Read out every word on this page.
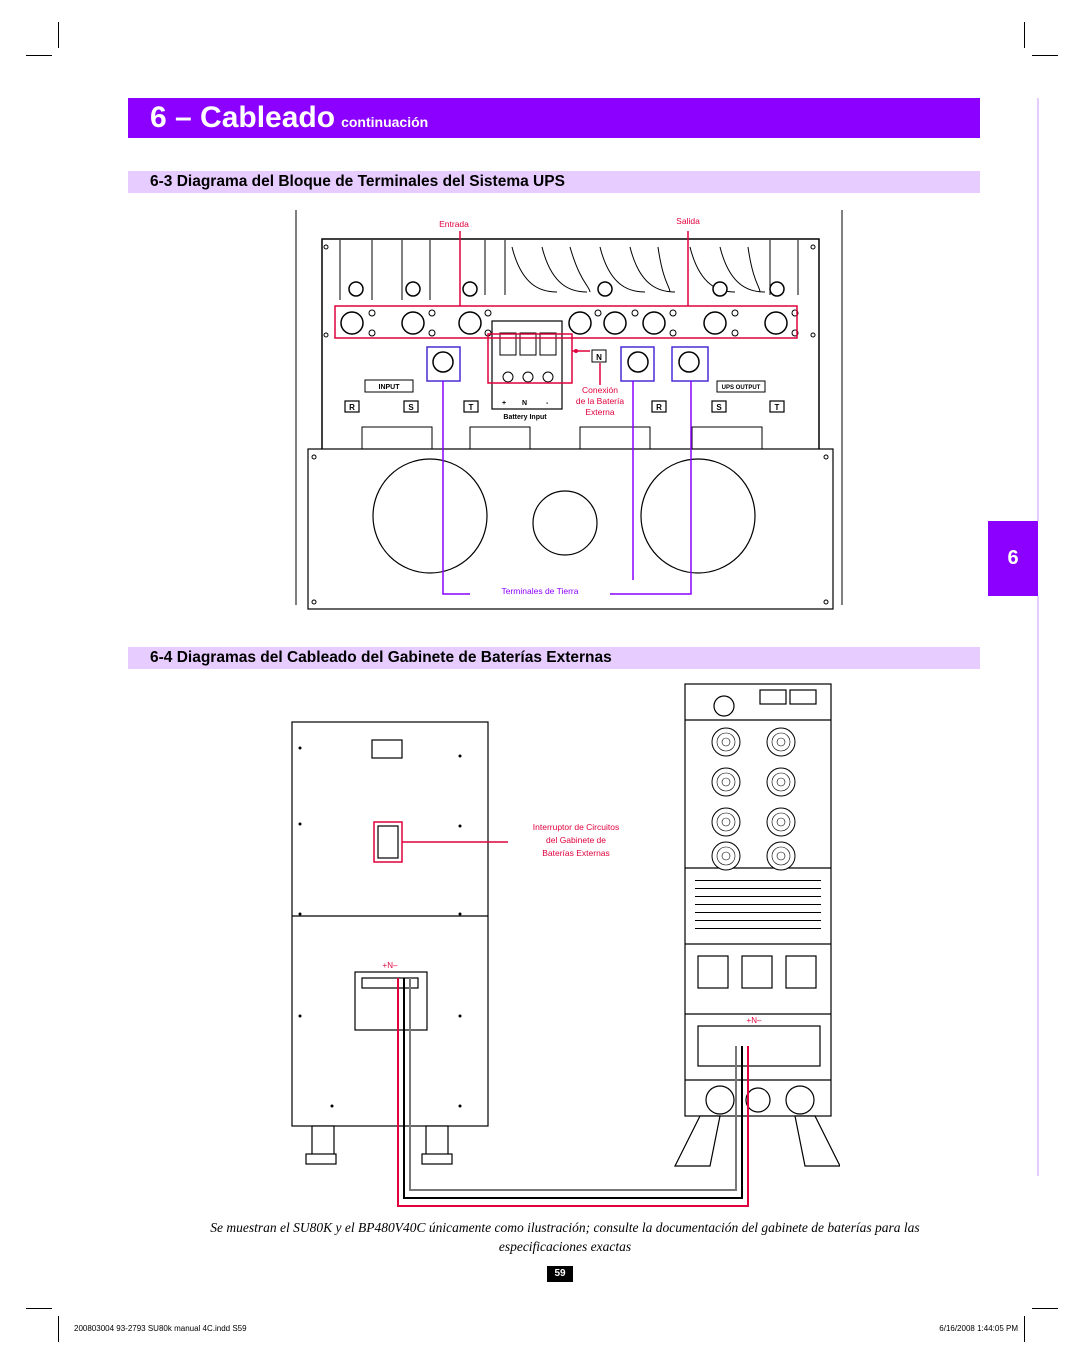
6
6 – Cableado continuación
6-3 Diagrama del Bloque de Terminales del Sistema UPS
N
INPUT	UPS OUTPUT
R	S	T	R	S	T
+ N	-
Battery Input
Entrada	Salida
Conexión
de la Batería
Externa
Terminales de Tierra
6-4 Diagramas del Cableado del Gabinete de Baterías Externas
+N–
+N–
Interruptor de Circuitos
del Gabinete de
Baterías Externas
Se muestran el SU80K y el BP480V40C únicamente como ilustración; consulte la documentación del gabinete de baterías para las
especificaciones exactas
59
200803004 93-2793 SU80k manual 4C.indd S59	6/16/2008 1:44:05 PM
